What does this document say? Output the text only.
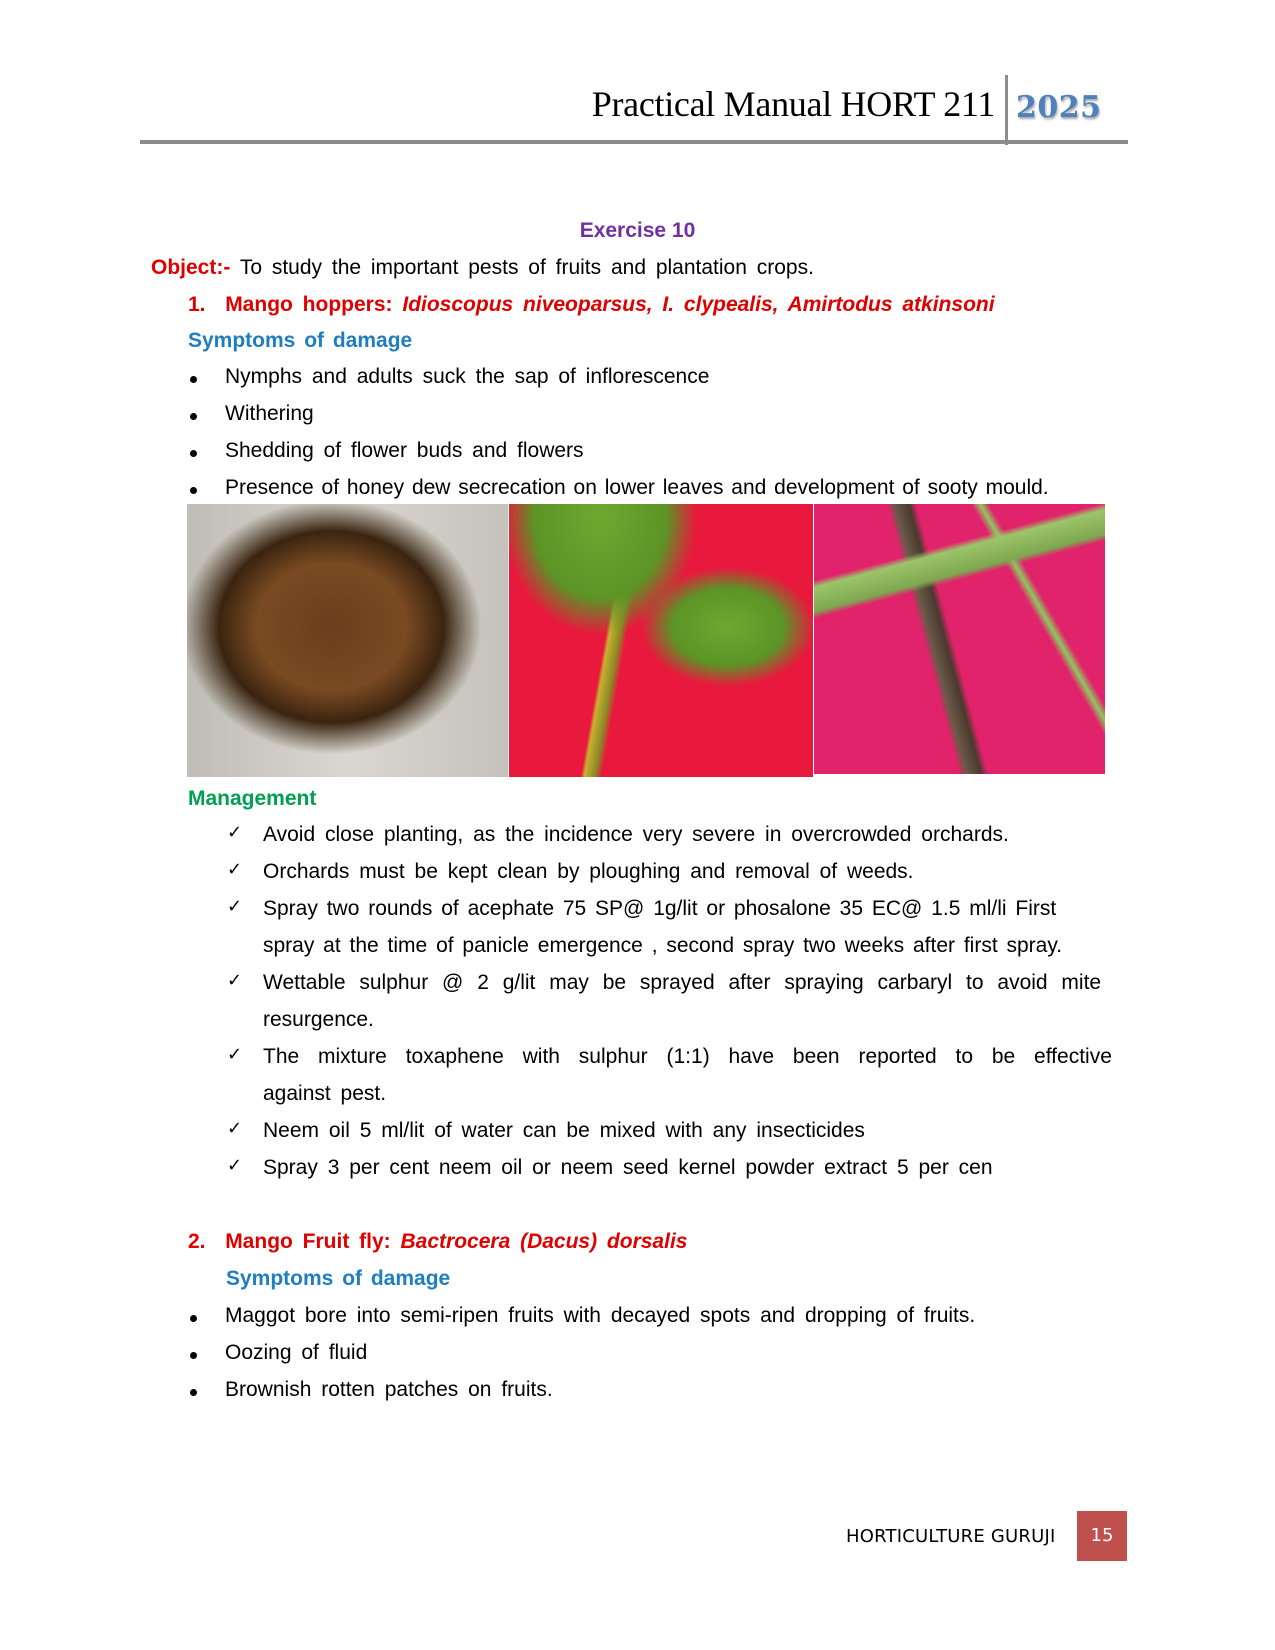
Practical Manual HORT 211 2025
Exercise 10
Object:- To study the important pests of fruits and plantation crops.
1. Mango hoppers: Idioscopus niveoparsus, I. clypealis, Amirtodus atkinsoni
Symptoms of damage
Nymphs and adults suck the sap of inflorescence
Withering
Shedding of flower buds and flowers
Presence of honey dew secrecation on lower leaves and development of sooty mould.
Management
✓ Avoid close planting, as the incidence very severe in overcrowded orchards.
✓ Orchards must be kept clean by ploughing and removal of weeds.
✓ Spray two rounds of acephate 75 SP@ 1g/lit or phosalone 35 EC@ 1.5 ml/li First
spray at the time of panicle emergence , second spray two weeks after first spray.
✓ Wettable sulphur @ 2 g/lit may be sprayed after spraying carbaryl to avoid mite
resurgence.
✓ The mixture toxaphene with sulphur (1:1) have been reported to be effective
against pest.
✓ Neem oil 5 ml/lit of water can be mixed with any insecticides
✓ Spray 3 per cent neem oil or neem seed kernel powder extract 5 per cen
2. Mango Fruit fly: Bactrocera (Dacus) dorsalis
Symptoms of damage
Maggot bore into semi-ripen fruits with decayed spots and dropping of fruits.
Oozing of fluid
Brownish rotten patches on fruits.
HORTICULTURE GURUJI	15
